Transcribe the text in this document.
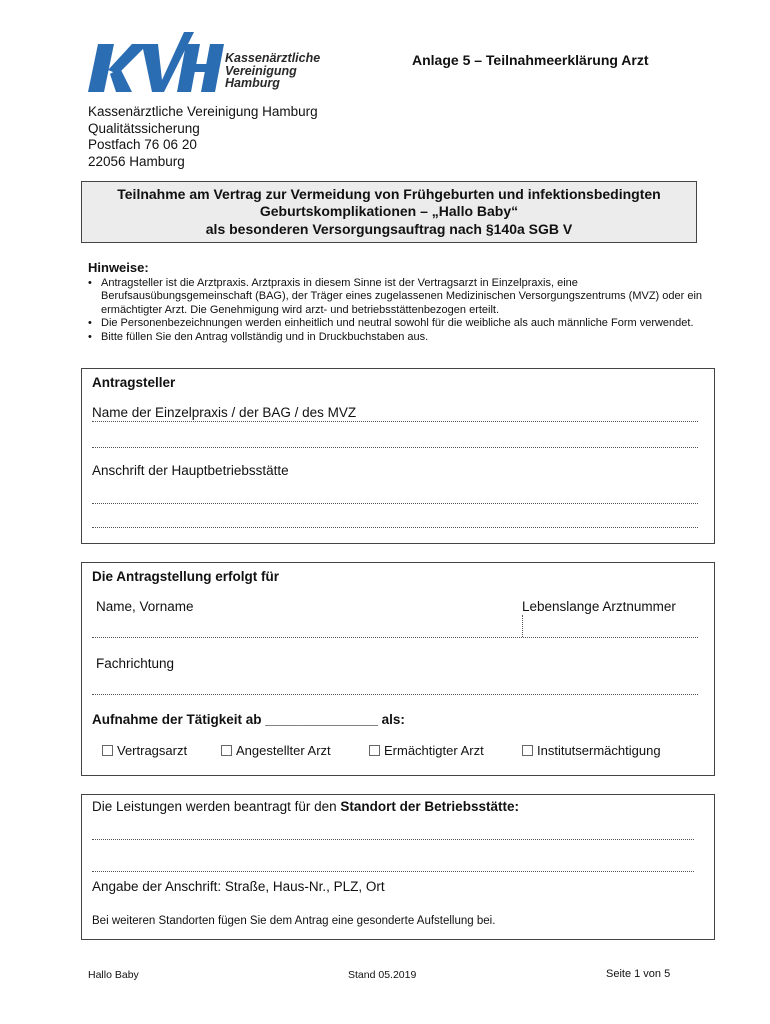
Kassenärztliche
Vereinigung
Hamburg
Anlage 5 – Teilnahmeerklärung Arzt
Kassenärztliche Vereinigung Hamburg
Qualitätssicherung
Postfach 76 06 20
22056 Hamburg
Teilnahme am Vertrag zur Vermeidung von Frühgeburten und infektionsbedingten
Geburtskomplikationen – „Hallo Baby“
als besonderen Versorgungsauftrag nach §140a SGB V
Hinweise:
• Antragsteller ist die Arztpraxis. Arztpraxis in diesem Sinne ist der Vertragsarzt in Einzelpraxis, eine Berufsausübungsgemeinschaft (BAG), der Träger eines zugelassenen Medizinischen Versorgungszentrums (MVZ) oder ein ermächtigter Arzt. Die Genehmigung wird arzt- und betriebsstättenbezogen erteilt.
• Die Personenbezeichnungen werden einheitlich und neutral sowohl für die weibliche als auch männliche Form verwendet.
• Bitte füllen Sie den Antrag vollständig und in Druckbuchstaben aus.
Antragsteller
Name der Einzelpraxis / der BAG / des MVZ
Anschrift der Hauptbetriebsstätte
Die Antragstellung erfolgt für
Name, Vorname	Lebenslange Arztnummer
Fachrichtung
Aufnahme der Tätigkeit ab _______________ als:
Vertragsarzt	Angestellter Arzt	Ermächtigter Arzt	Institutsermächtigung
Die Leistungen werden beantragt für den Standort der Betriebsstätte:
Angabe der Anschrift: Straße, Haus-Nr., PLZ, Ort
Bei weiteren Standorten fügen Sie dem Antrag eine gesonderte Aufstellung bei.
Hallo Baby	Stand 05.2019	Seite 1 von 5
